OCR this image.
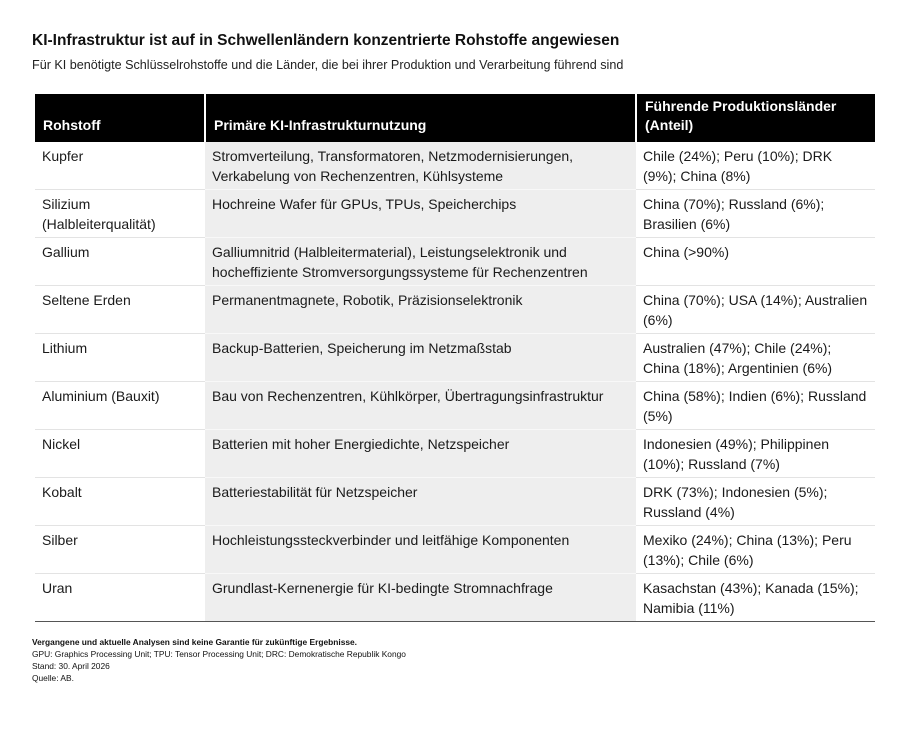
KI-Infrastruktur ist auf in Schwellenländern konzentrierte Rohstoffe angewiesen
Für KI benötigte Schlüsselrohstoffe und die Länder, die bei ihrer Produktion und Verarbeitung führend sind
Rohstoff	Primäre KI-Infrastrukturnutzung	Führende Produktionsländer (Anteil)
Kupfer	Stromverteilung, Transformatoren, Netzmodernisierungen, Verkabelung von Rechenzentren, Kühlsysteme	Chile (24%); Peru (10%); DRK (9%); China (8%)
Silizium (Halbleiterqualität)	Hochreine Wafer für GPUs, TPUs, Speicherchips	China (70%); Russland (6%); Brasilien (6%)
Gallium	Galliumnitrid (Halbleitermaterial), Leistungselektronik und hocheffiziente Stromversorgungssysteme für Rechenzentren	China (>90%)
Seltene Erden	Permanentmagnete, Robotik, Präzisionselektronik	China (70%); USA (14%); Australien (6%)
Lithium	Backup-Batterien, Speicherung im Netzmaßstab	Australien (47%); Chile (24%); China (18%); Argentinien (6%)
Aluminium (Bauxit)	Bau von Rechenzentren, Kühlkörper, Übertragungsinfrastruktur	China (58%); Indien (6%); Russland (5%)
Nickel	Batterien mit hoher Energiedichte, Netzspeicher	Indonesien (49%); Philippinen (10%); Russland (7%)
Kobalt	Batteriestabilität für Netzspeicher	DRK (73%); Indonesien (5%); Russland (4%)
Silber	Hochleistungssteckverbinder und leitfähige Komponenten	Mexiko (24%); China (13%); Peru (13%); Chile (6%)
Uran	Grundlast-Kernenergie für KI-bedingte Stromnachfrage	Kasachstan (43%); Kanada (15%); Namibia (11%)
Vergangene und aktuelle Analysen sind keine Garantie für zukünftige Ergebnisse.
GPU: Graphics Processing Unit; TPU: Tensor Processing Unit; DRC: Demokratische Republik Kongo
Stand: 30. April 2026
Quelle: AB.
